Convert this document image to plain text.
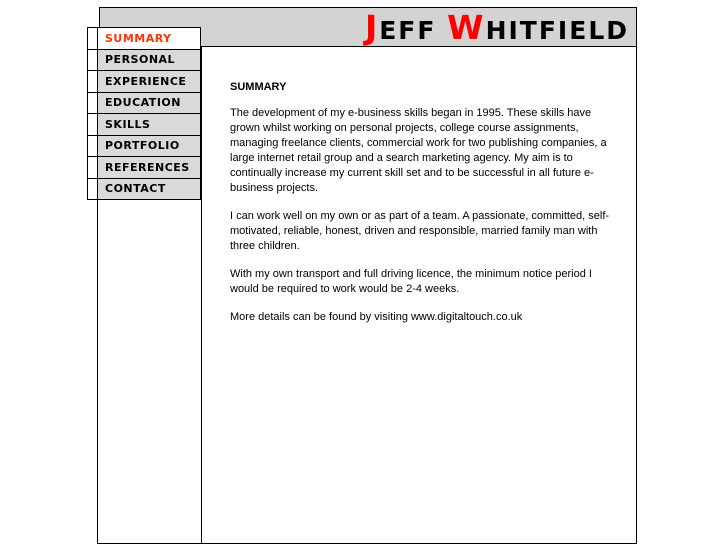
JEFF WHITFIELD
SUMMARY

The development of my e-business skills began in 1995. These skills have grown whilst working on personal projects, college course assignments, managing freelance clients, commercial work for two publishing companies, a large internet retail group and a search marketing agency. My aim is to continually increase my current skill set and to be successful in all future e-business projects.

I can work well on my own or as part of a team. A passionate, committed, self-motivated, reliable, honest, driven and responsible, married family man with three children.

With my own transport and full driving licence, the minimum notice period I would be required to work would be 2-4 weeks.

More details can be found by visiting www.digitaltouch.co.uk

SUMMARY
PERSONAL
EXPERIENCE
EDUCATION
SKILLS
PORTFOLIO
REFERENCES
CONTACT
